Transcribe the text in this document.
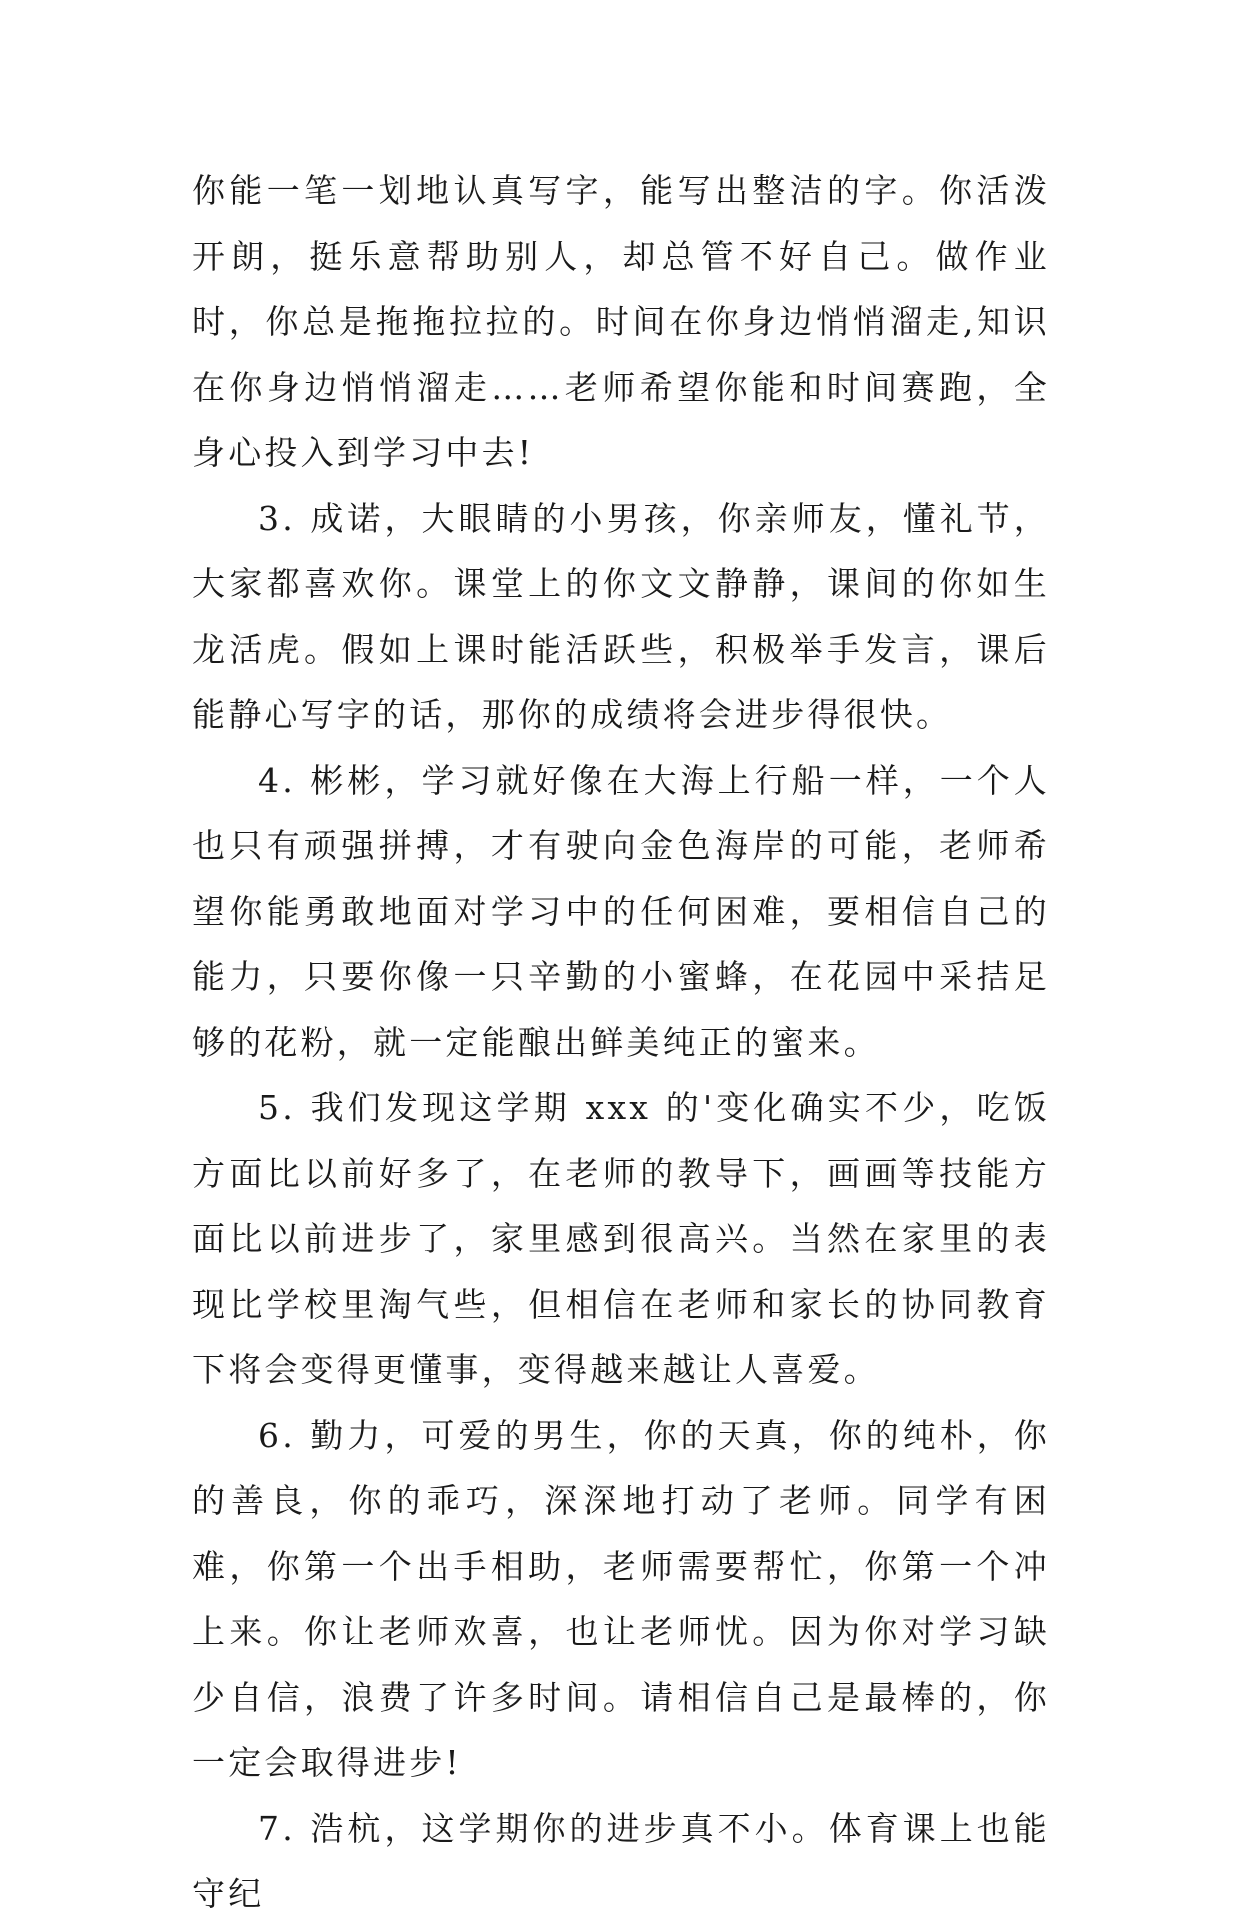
你能一笔一划地认真写字，能写出整洁的字。你活泼开朗，挺乐意帮助别人，却总管不好自己。做作业时，你总是拖拖拉拉的。时间在你身边悄悄溜走,知识在你身边悄悄溜走……老师希望你能和时间赛跑，全身心投入到学习中去!

3. 成诺，大眼睛的小男孩，你亲师友，懂礼节，大家都喜欢你。课堂上的你文文静静，课间的你如生龙活虎。假如上课时能活跃些，积极举手发言，课后能静心写字的话，那你的成绩将会进步得很快。

4. 彬彬，学习就好像在大海上行船一样，一个人也只有顽强拼搏，才有驶向金色海岸的可能，老师希望你能勇敢地面对学习中的任何困难，要相信自己的能力，只要你像一只辛勤的小蜜蜂，在花园中采拮足够的花粉，就一定能酿出鲜美纯正的蜜来。

5. 我们发现这学期 xxx 的'变化确实不少，吃饭方面比以前好多了，在老师的教导下，画画等技能方面比以前进步了，家里感到很高兴。当然在家里的表现比学校里淘气些，但相信在老师和家长的协同教育下将会变得更懂事，变得越来越让人喜爱。

6. 勤力，可爱的男生，你的天真，你的纯朴，你的善良，你的乖巧，深深地打动了老师。同学有困难，你第一个出手相助，老师需要帮忙，你第一个冲上来。你让老师欢喜，也让老师忧。因为你对学习缺少自信，浪费了许多时间。请相信自己是最棒的，你一定会取得进步!

7. 浩杭，这学期你的进步真不小。体育课上也能守纪
